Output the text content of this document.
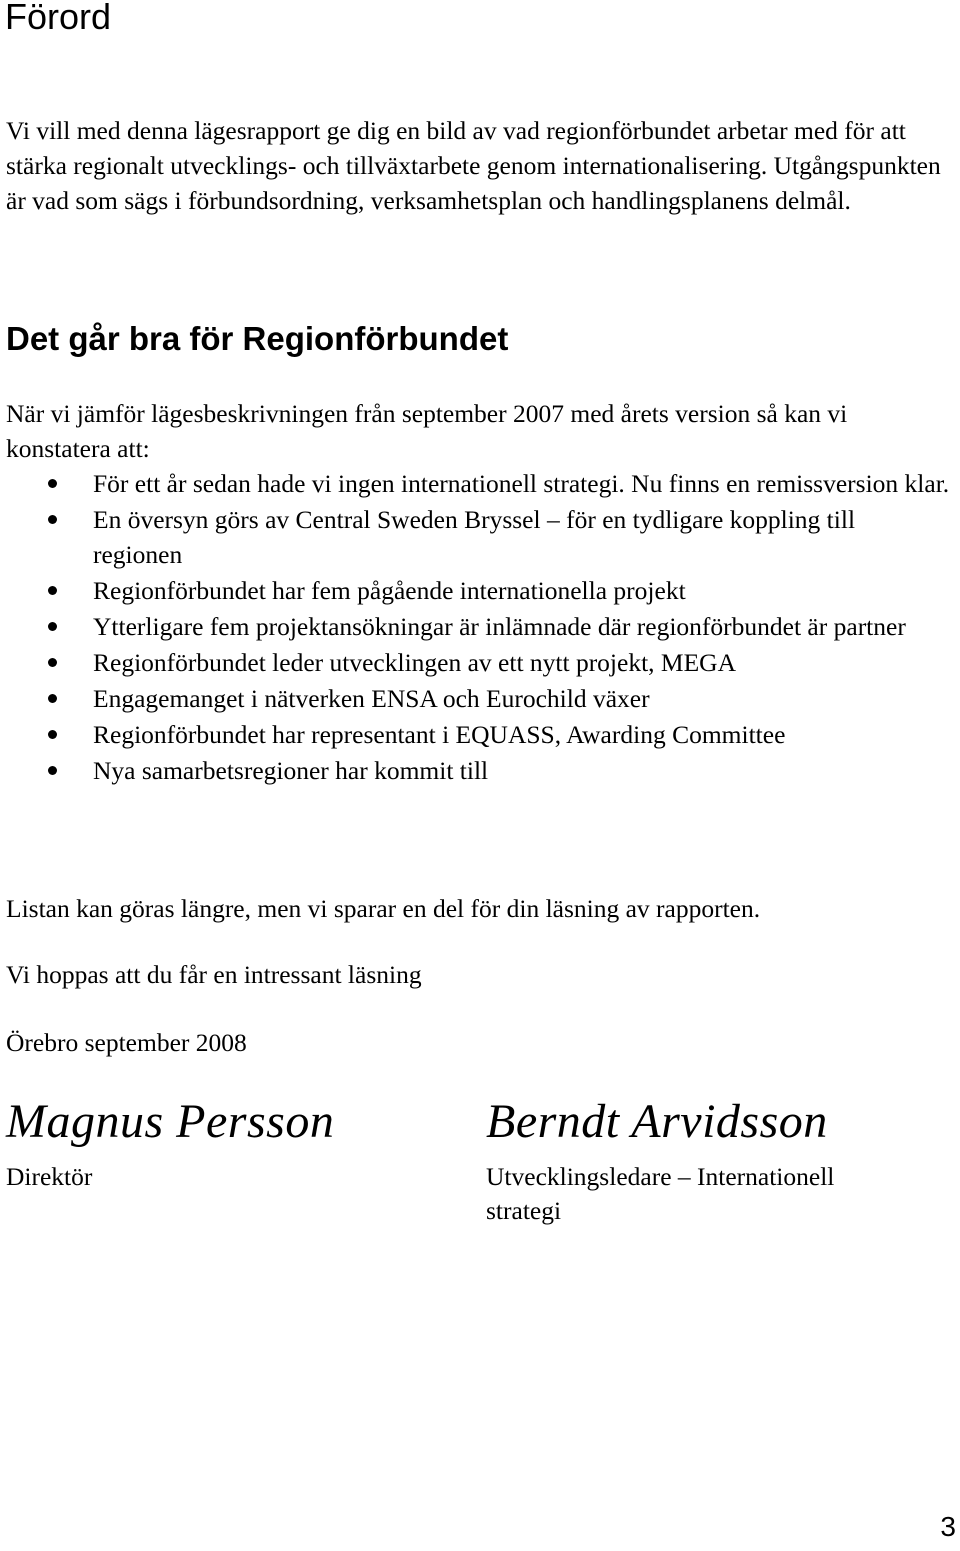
Förord

Vi vill med denna lägesrapport ge dig en bild av vad regionförbundet arbetar med för att stärka regionalt utvecklings- och tillväxtarbete genom internationalisering. Utgångspunkten är vad som sägs i förbundsordning, verksamhetsplan och handlingsplanens delmål.

Det går bra för Regionförbundet

När vi jämför lägesbeskrivningen från september 2007 med årets version så kan vi konstatera att:

För ett år sedan hade vi ingen internationell strategi. Nu finns en remissversion klar.
En översyn görs av Central Sweden Bryssel – för en tydligare koppling till regionen
Regionförbundet har fem pågående internationella projekt
Ytterligare fem projektansökningar är inlämnade där regionförbundet är partner
Regionförbundet leder utvecklingen av ett nytt projekt, MEGA
Engagemanget i nätverken ENSA och Eurochild växer
Regionförbundet har representant i EQUASS, Awarding Committee
Nya samarbetsregioner har kommit till

Listan kan göras längre, men vi sparar en del för din läsning av rapporten.

Vi hoppas att du får en intressant läsning

Örebro september 2008

Magnus Persson	Berndt Arvidsson

Direktör	Utvecklingsledare – Internationell strategi

3
